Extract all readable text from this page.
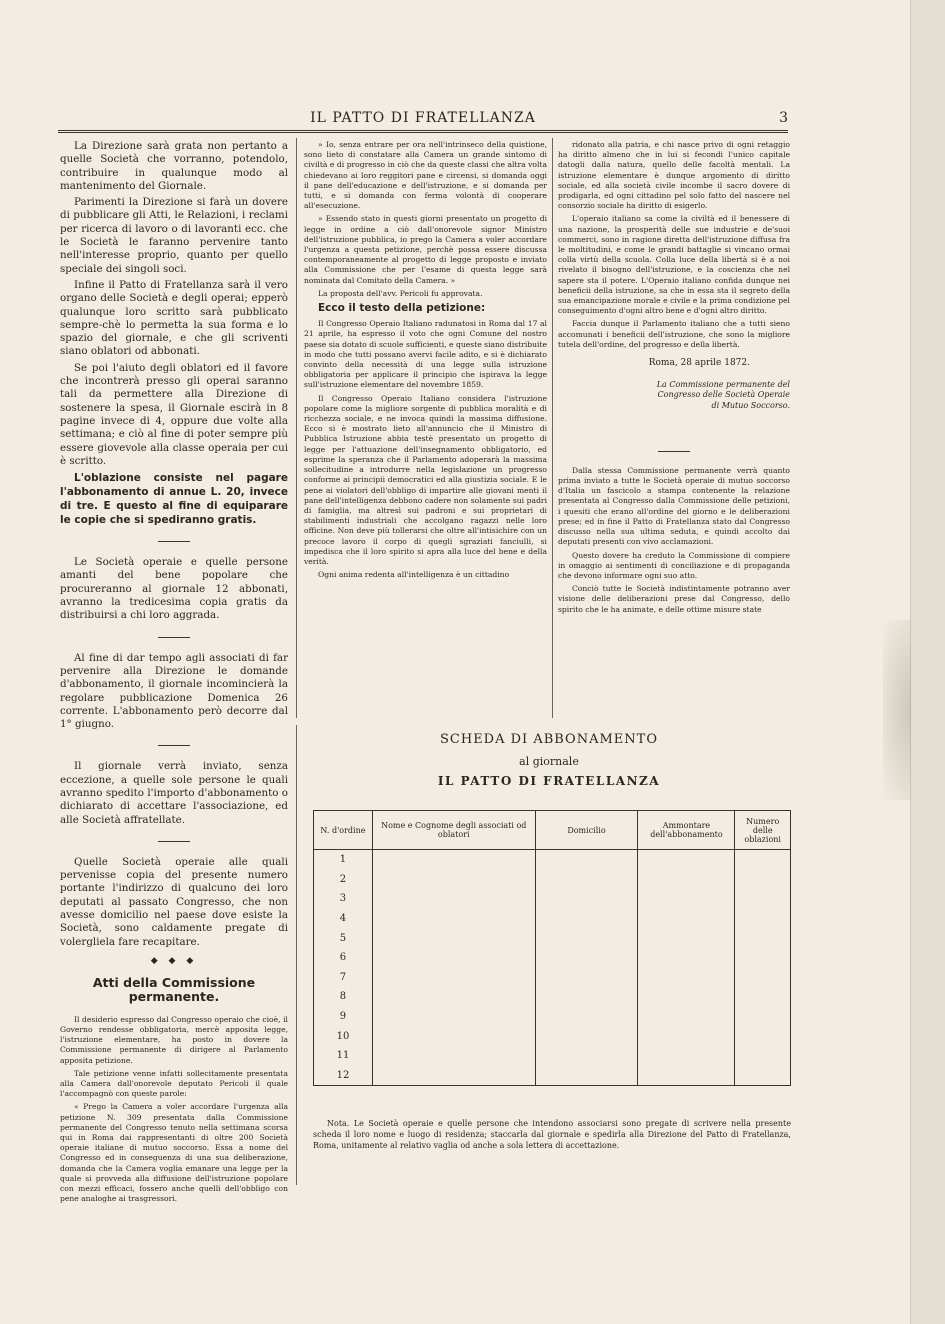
IL PATTO DI FRATELLANZA	3

La Direzione sarà grata non pertanto a quelle Società che vorranno, potendolo, contribuire in qualunque modo al mantenimento del Giornale.

Parimenti la Direzione si farà un dovere di pubblicare gli Atti, le Relazioni, i reclami per ricerca di lavoro o di lavoranti ecc. che le Società le faranno pervenire tanto nell'interesse proprio, quanto per quello speciale dei singoli soci.

Infine il Patto di Fratellanza sarà il vero organo delle Società e degli operai; epperò qualunque loro scritto sarà pubblicato sempre-chè lo permetta la sua forma e lo spazio del giornale, e che gli scriventi siano oblatori od abbonati.

Se poi l'aiuto degli oblatori ed il favore che incontrerà presso gli operai saranno tali da permettere alla Direzione di sostenere la spesa, il Giornale escirà in 8 pagine invece di 4, oppure due volte alla settimana; e ciò al fine di poter sempre più essere giovevole alla classe operaia per cui è scritto.

L'oblazione consiste nel pagare l'abbonamento di annue L. 20, invece di tre. E questo al fine di equiparare le copie che si spediranno gratis.

Le Società operaie e quelle persone amanti del bene popolare che procureranno al giornale 12 abbonati, avranno la tredicesima copia gratis da distribuirsi a chi loro aggrada.

Al fine di dar tempo agli associati di far pervenire alla Direzione le domande d'abbonamento, il giornale incomincierà la regolare pubblicazione Domenica 26 corrente. L'abbonamento però decorre dal 1° giugno.

Il giornale verrà inviato, senza eccezione, a quelle sole persone le quali avranno spedito l'importo d'abbonamento o dichiarato di accettare l'associazione, ed alle Società affratellate.

Quelle Società operaie alle quali pervenisse copia del presente numero portante l'indirizzo di qualcuno dei loro deputati al passato Congresso, che non avesse domicilio nel paese dove esiste la Società, sono caldamente pregate di volergliela fare recapitare.

◆ ◆ ◆
Atti della Commissione permanente.

Il desiderio espresso dal Congresso operaio che cioè, il Governo rendesse obbligatoria, mercè apposita legge, l'istruzione elementare, ha posto in dovere la Commissione permanente di dirigere al Parlamento apposita petizione.

Tale petizione venne infatti sollecitamente presentata alla Camera dall'onorevole deputato Pericoli il quale l'accompagnò con queste parole:

« Prego la Camera a voler accordare l'urgenza alla petizione N. 309 presentata dalla Commissione permanente del Congresso tenuto nella settimana scorsa qui in Roma dai rappresentanti di oltre 200 Società operaie italiane di mutuo soccorso. Essa a nome del Congresso ed in conseguenza di una sua deliberazione, domanda che la Camera voglia emanare una legge per la quale si provveda alla diffusione dell'istruzione popolare con mezzi efficaci, fossero anche quelli dell'obbligo con pene analoghe ai trasgressori.

» Io, senza entrare per ora nell'intrinseco della quistione, sono lieto di constatare alla Camera un grande sintomo di civiltà e di progresso in ciò che da queste classi che altra volta chiedevano ai loro reggitori pane e circensi, si domanda oggi il pane dell'educazione e dell'istruzione, e si domanda per tutti, e si domanda con ferma volontà di cooperare all'esecuzione.

» Essendo stato in questi giorni presentato un progetto di legge in ordine a ciò dall'onorevole signor Ministro dell'istruzione pubblica, io prego la Camera a voler accordare l'urgenza a questa petizione, perchè possa essere discussa contemporaneamente al progetto di legge proposto e inviato alla Commissione che per l'esame di questa legge sarà nominata dal Comitato della Camera. »

La proposta dell'avv. Pericoli fu approvata.

Ecco il testo della petizione:

Il Congresso Operaio Italiano radunatosi in Roma dal 17 al 21 aprile, ha espresso il voto che ogni Comune del nostro paese sia dotato di scuole sufficienti, e queste siano distribuite in modo che tutti possano avervi facile adito, e si è dichiarato convinto della necessità di una legge sulla istruzione obbligatoria per applicare il principio che ispirava la legge sull'istruzione elementare del novembre 1859.

Il Congresso Operaio Italiano considera l'istruzione popolare come la migliore sorgente di pubblica moralità e di ricchezza sociale, e ne invoca quindi la massima diffusione. Ecco si è mostrato lieto all'annuncio che il Ministro di Pubblica Istruzione abbia testè presentato un progetto di legge per l'attuazione dell'insegnamento obbligatorio, ed esprime la speranza che il Parlamento adoperarà la massima sollecitudine a introdurre nella legislazione un progresso conforme ai principii democratici ed alla giustizia sociale. E le pene ai violatori dell'obbligo di impartire alle giovani menti il pane dell'intelligenza debbono cadere non solamente sui padri di famiglia, ma altresì sui padroni e sui proprietari di stabilimenti industriali che accolgano ragazzi nelle loro officine. Non deve più tollerarsi che oltre all'intisichire con un precoce lavoro il corpo di quegli sgraziati fanciulli, si impedisca che il loro spirito si apra alla luce del bene e della verità.

Ogni anima redenta all'intelligenza è un cittadino

ridonato alla patria, e chi nasce privo di ogni retaggio ha diritto almeno che in lui si fecondi l'unico capitale datogli dalla natura, quello delle facoltà mentali. La istruzione elementare è dunque argomento di diritto sociale, ed alla società civile incombe il sacro dovere di prodigarla, ed ogni cittadino pel solo fatto del nascere nel consorzio sociale ha diritto di esigerlo.

L'operaio italiano sa come la civiltà ed il benessere di una nazione, la prosperità delle sue industrie e de'suoi commerci, sono in ragione diretta dell'istruzione diffusa fra le moltitudini, e come le grandi battaglie si vincano ormai colla virtù della scuola. Colla luce della libertà si è a noi rivelato il bisogno dell'istruzione, e la coscienza che nel sapere sta il potere. L'Operaio italiano confida dunque nei beneficii della istruzione, sa che in essa sta il segreto della sua emancipazione morale e civile e la prima condizione pel conseguimento d'ogni altro bene e d'ogni altro diritto.

Faccia dunque il Parlamento italiano che a tutti sieno accomunati i beneficii dell'istruzione, che sono la migliore tutela dell'ordine, del progresso e della libertà.

Roma, 28 aprile 1872.
La Commissione permanente del
Congresso delle Società Operaie
di Mutuo Soccorso.

Dalla stessa Commissione permanente verrà quanto prima inviato a tutte le Società operaie di mutuo soccorso d'Italia un fascicolo a stampa contenente la relazione presentata al Congresso dalla Commissione delle petizioni, i quesiti che erano all'ordine del giorno e le deliberazioni prese; ed in fine il Patto di Fratellanza stato dal Congresso discusso nella sua ultima seduta, e quindi accolto dai deputati presenti con vivo acclamazioni.

Questo dovere ha creduto la Commissione di compiere in omaggio ai sentimenti di conciliazione e di propaganda che devono informare ogni suo atto.

Conciò tutte le Società indistintamente potranno aver visione delle deliberazioni prese dal Congresso, dello spirito che le ha animate, e delle ottime misure state

SCHEDA DI ABBONAMENTO
al giornale
IL PATTO DI FRATELLANZA
N. d'ordine	Nome e Cognome degli associati od oblatori	Domicilio	Ammontare dell'abbonamento	Numero delle oblazioni
1				
2				
3				
4				
5				
6				
7				
8				
9				
10				
11				
12				
Nota. Le Società operaie e quelle persone che intendono associarsi sono pregate di scrivere nella presente scheda il loro nome e luogo di residenza; staccarla dal giornale e spedirla alla Direzione del Patto di Fratellanza, Roma, unitamente al relativo vaglia od anche a sola lettera di accettazione.
